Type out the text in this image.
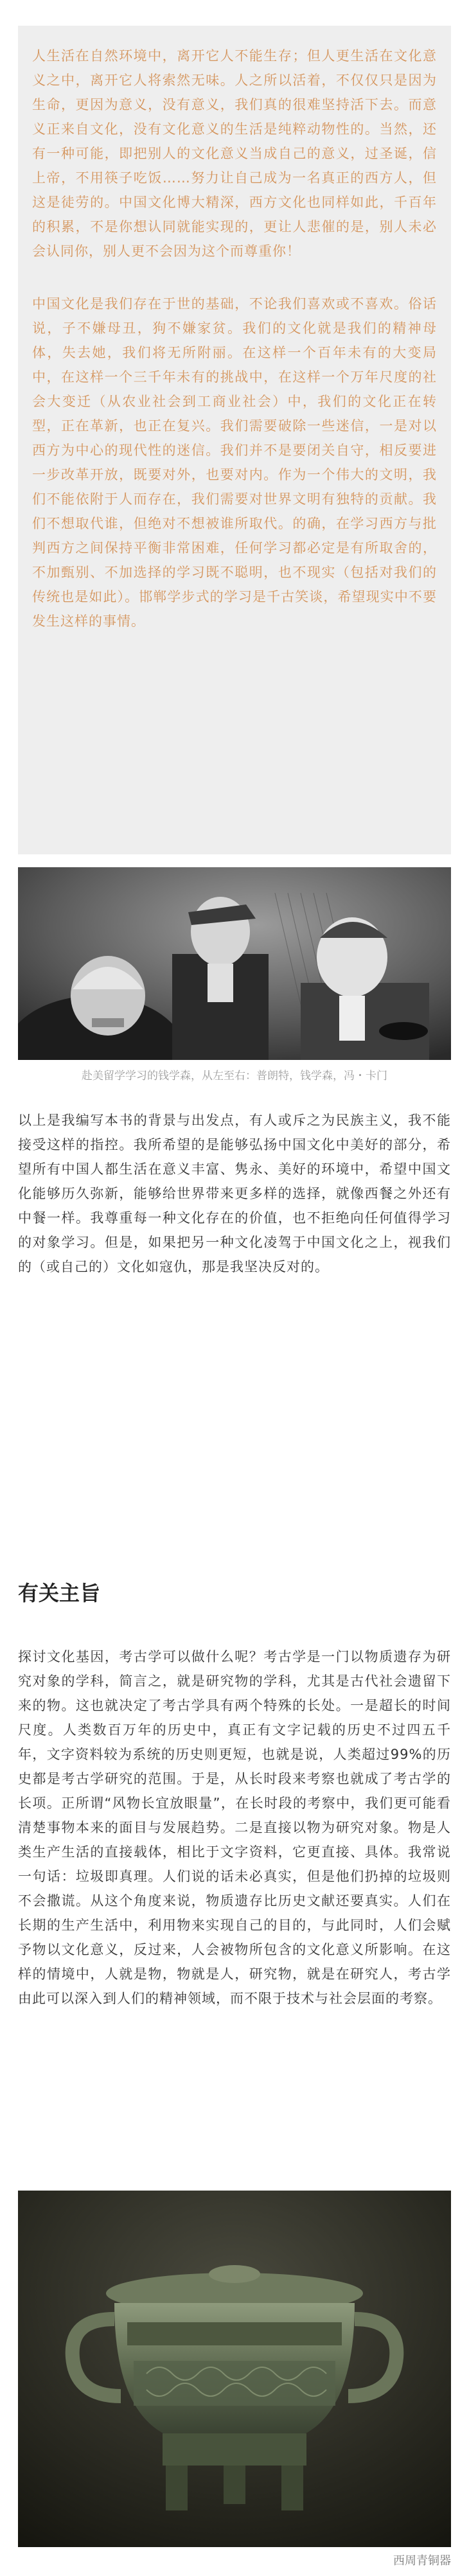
人生活在自然环境中，离开它人不能生存；但人更生活在文化意义之中，离开它人将索然无味。人之所以活着，不仅仅只是因为生命，更因为意义，没有意义，我们真的很难坚持活下去。而意义正来自文化，没有文化意义的生活是纯粹动物性的。当然，还有一种可能，即把别人的文化意义当成自己的意义，过圣诞，信上帝，不用筷子吃饭……努力让自己成为一名真正的西方人，但这是徒劳的。中国文化博大精深，西方文化也同样如此，千百年的积累，不是你想认同就能实现的，更让人悲催的是，别人未必会认同你，别人更不会因为这个而尊重你！

中国文化是我们存在于世的基础，不论我们喜欢或不喜欢。俗话说，子不嫌母丑，狗不嫌家贫。我们的文化就是我们的精神母体，失去她，我们将无所附丽。在这样一个百年未有的大变局中，在这样一个三千年未有的挑战中，在这样一个万年尺度的社会大变迁（从农业社会到工商业社会）中，我们的文化正在转型，正在革新，也正在复兴。我们需要破除一些迷信，一是对以西方为中心的现代性的迷信。我们并不是要闭关自守，相反要进一步改革开放，既要对外，也要对内。作为一个伟大的文明，我们不能依附于人而存在，我们需要对世界文明有独特的贡献。我们不想取代谁，但绝对不想被谁所取代。的确，在学习西方与批判西方之间保持平衡非常困难，任何学习都必定是有所取舍的，不加甄别、不加选择的学习既不聪明，也不现实（包括对我们的传统也是如此）。邯郸学步式的学习是千古笑谈，希望现实中不要发生这样的事情。

赴美留学学习的钱学森，从左至右：普朗特，钱学森，冯・卡门

以上是我编写本书的背景与出发点，有人或斥之为民族主义，我不能接受这样的指控。我所希望的是能够弘扬中国文化中美好的部分，希望所有中国人都生活在意义丰富、隽永、美好的环境中，希望中国文化能够历久弥新，能够给世界带来更多样的选择，就像西餐之外还有中餐一样。我尊重每一种文化存在的价值，也不拒绝向任何值得学习的对象学习。但是，如果把另一种文化凌驾于中国文化之上，视我们的（或自己的）文化如寇仇，那是我坚决反对的。

有关主旨

探讨文化基因，考古学可以做什么呢？考古学是一门以物质遗存为研究对象的学科，简言之，就是研究物的学科，尤其是古代社会遗留下来的物。这也就决定了考古学具有两个特殊的长处。一是超长的时间尺度。人类数百万年的历史中，真正有文字记载的历史不过四五千年，文字资料较为系统的历史则更短，也就是说，人类超过99%的历史都是考古学研究的范围。于是，从长时段来考察也就成了考古学的长项。正所谓“风物长宜放眼量”，在长时段的考察中，我们更可能看清楚事物本来的面目与发展趋势。二是直接以物为研究对象。物是人类生产生活的直接载体，相比于文字资料，它更直接、具体。我常说一句话：垃圾即真理。人们说的话未必真实，但是他们扔掉的垃圾则不会撒谎。从这个角度来说，物质遗存比历史文献还要真实。人们在长期的生产生活中，利用物来实现自己的目的，与此同时，人们会赋予物以文化意义，反过来，人会被物所包含的文化意义所影响。在这样的情境中，人就是物，物就是人，研究物，就是在研究人，考古学由此可以深入到人们的精神领域，而不限于技术与社会层面的考察。

西周青铜器
